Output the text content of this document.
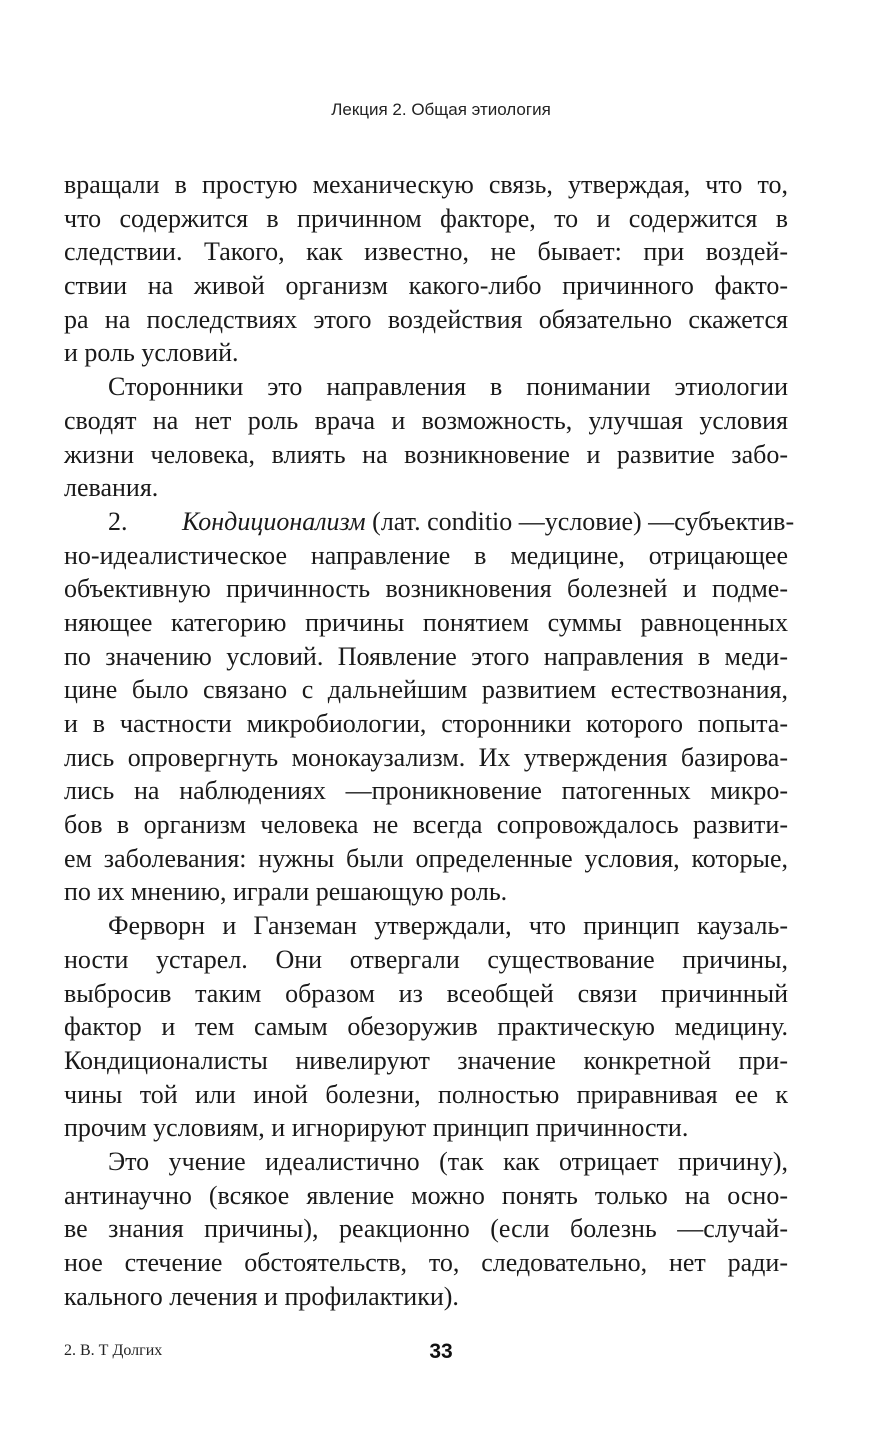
Лекция 2. Общая этиология

вращали в простую механическую связь, утверждая, что то,
что содержится в причинном факторе, то и содержится в
следствии. Такого, как известно, не бывает: при воздей-
ствии на живой организм какого-либо причинного факто-
ра на последствиях этого воздействия обязательно скажется
и роль условий.

Сторонники это направления в понимании этиологии
сводят на нет роль врача и возможность, улучшая условия
жизни человека, влиять на возникновение и развитие забо-
левания.

2. Кондиционализм (лат. conditio —условие) —субъектив-
но-идеалистическое направление в медицине, отрицающее
объективную причинность возникновения болезней и подме-
няющее категорию причины понятием суммы равноценных
по значению условий. Появление этого направления в меди-
цине было связано с дальнейшим развитием естествознания,
и в частности микробиологии, сторонники которого попыта-
лись опровергнуть монокаузализм. Их утверждения базирова-
лись на наблюдениях —проникновение патогенных микро-
бов в организм человека не всегда сопровождалось развити-
ем заболевания: нужны были определенные условия, которые,
по их мнению, играли решающую роль.

Ферворн и Ганземан утверждали, что принцип каузаль-
ности устарел. Они отвергали существование причины,
выбросив таким образом из всеобщей связи причинный
фактор и тем самым обезоружив практическую медицину.
Кондиционалисты нивелируют значение конкретной при-
чины той или иной болезни, полностью приравнивая ее к
прочим условиям, и игнорируют принцип причинности.

Это учение идеалистично (так как отрицает причину),
антинаучно (всякое явление можно понять только на осно-
ве знания причины), реакционно (если болезнь —случай-
ное стечение обстоятельств, то, следовательно, нет ради-
кального лечения и профилактики).

2. В. Т Долгих	33
